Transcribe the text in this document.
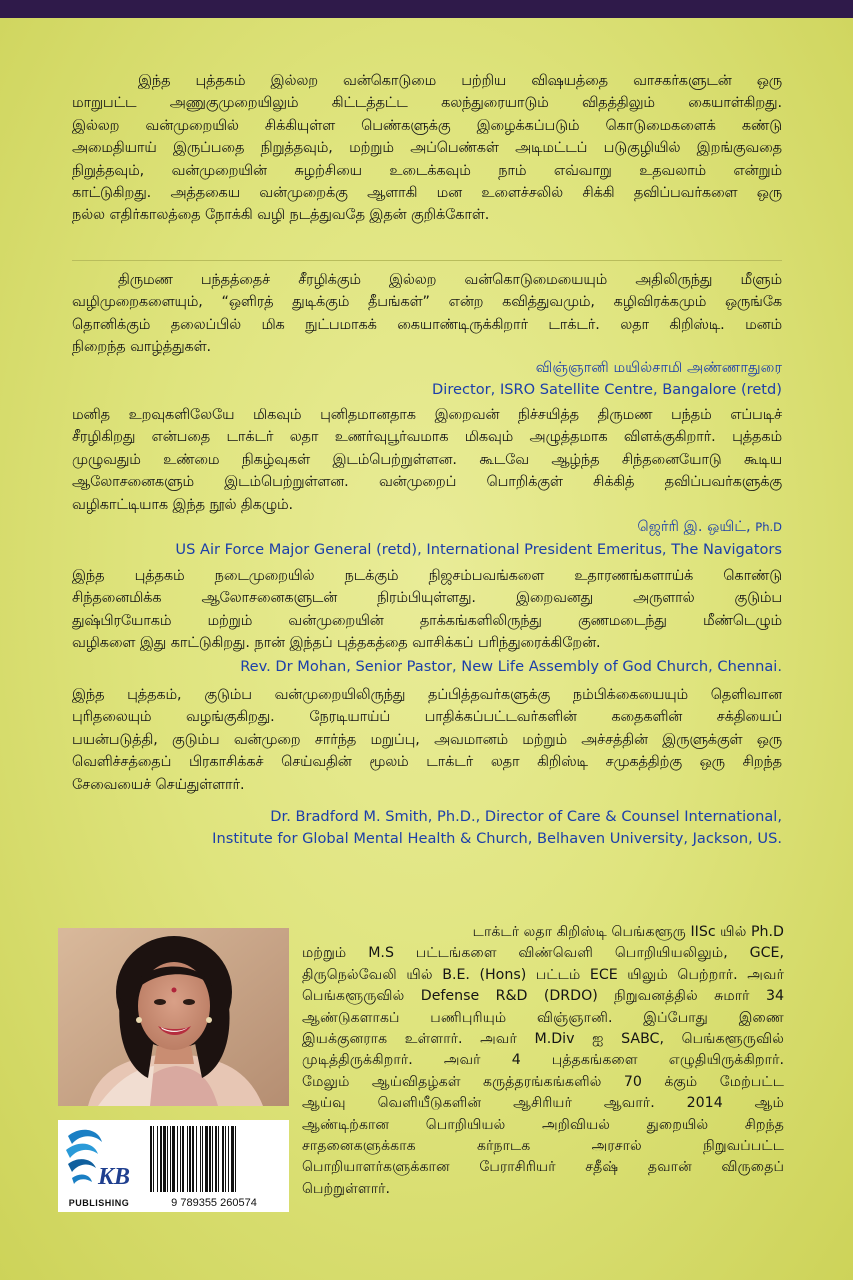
இந்த புத்தகம் இல்லற வன்கொடுமை பற்றிய விஷயத்தை வாசகர்களுடன் ஒரு
மாறுபட்ட அணுகுமுறையிலும் கிட்டத்தட்ட கலந்துரையாடும் விதத்திலும் கையாள்கிறது.
இல்லற வன்முறையில் சிக்கியுள்ள பெண்களுக்கு இழைக்கப்படும் கொடுமைகளைக் கண்டு
அமைதியாய் இருப்பதை நிறுத்தவும், மற்றும் அப்பெண்கள் அடிமட்டப் படுகுழியில் இறங்குவதை
நிறுத்தவும், வன்முறையின் சுழற்சியை உடைக்கவும் நாம் எவ்வாறு உதவலாம் என்றும்
காட்டுகிறது. அத்தகைய வன்முறைக்கு ஆளாகி மன உளைச்சலில் சிக்கி தவிப்பவர்களை ஒரு
நல்ல எதிர்காலத்தை நோக்கி வழி நடத்துவதே இதன் குறிக்கோள்.
திருமண பந்தத்தைச் சீரழிக்கும் இல்லற வன்கொடுமையையும் அதிலிருந்து மீளும்
வழிமுறைகளையும், “ஒளிரத் துடிக்கும் தீபங்கள்” என்ற கவித்துவமும், கழிவிரக்கமும் ஒருங்கே
தொனிக்கும் தலைப்பில் மிக நுட்பமாகக் கையாண்டிருக்கிறார் டாக்டர். லதா கிறிஸ்டி. மனம்
நிறைந்த வாழ்த்துகள்.
விஞ்ஞானி மயில்சாமி அண்ணாதுரை
Director, ISRO Satellite Centre, Bangalore (retd)
மனித உறவுகளிலேயே மிகவும் புனிதமானதாக இறைவன் நிச்சயித்த திருமண பந்தம் எப்படிச்
சீரழிகிறது என்பதை டாக்டர் லதா உணர்வுபூர்வமாக மிகவும் அழுத்தமாக விளக்குகிறார். புத்தகம்
முழுவதும் உண்மை நிகழ்வுகள் இடம்பெற்றுள்ளன. கூடவே ஆழ்ந்த சிந்தனையோடு கூடிய
ஆலோசனைகளும் இடம்பெற்றுள்ளன. வன்முறைப் பொறிக்குள் சிக்கித் தவிப்பவர்களுக்கு
வழிகாட்டியாக இந்த நூல் திகழும்.
ஜெர்ரி இ. ஒயிட், Ph.D
US Air Force Major General (retd), International President Emeritus, The Navigators
இந்த புத்தகம் நடைமுறையில் நடக்கும் நிஜசம்பவங்களை உதாரணங்களாய்க் கொண்டு
சிந்தனைமிக்க ஆலோசனைகளுடன் நிரம்பியுள்ளது. இறைவனது அருளால் குடும்ப
துஷ்பிரயோகம் மற்றும் வன்முறையின் தாக்கங்களிலிருந்து குணமடைந்து மீண்டெழும்
வழிகளை இது காட்டுகிறது. நான் இந்தப் புத்தகத்தை வாசிக்கப் பரிந்துரைக்கிறேன்.
Rev. Dr Mohan, Senior Pastor, New Life Assembly of God Church, Chennai.
இந்த புத்தகம், குடும்ப வன்முறையிலிருந்து தப்பித்தவர்களுக்கு நம்பிக்கையையும் தெளிவான
புரிதலையும் வழங்குகிறது. நேரடியாய்ப் பாதிக்கப்பட்டவர்களின் கதைகளின் சக்தியைப்
பயன்படுத்தி, குடும்ப வன்முறை சார்ந்த மறுப்பு, அவமானம் மற்றும் அச்சத்தின் இருளுக்குள் ஒரு
வெளிச்சத்தைப் பிரகாசிக்கச் செய்வதின் மூலம் டாக்டர் லதா கிறிஸ்டி சமுகத்திற்கு ஒரு சிறந்த
சேவையைச் செய்துள்ளார்.
Dr. Bradford M. Smith, Ph.D., Director of Care & Counsel International,
Institute for Global Mental Health & Church, Belhaven University, Jackson, US.
டாக்டர் லதா கிறிஸ்டி பெங்களூரு IISc யில் Ph.D
மற்றும் M.S பட்டங்களை விண்வெளி பொறியியலிலும், GCE,
திருநெல்வேலி யில் B.E. (Hons) பட்டம் ECE யிலும் பெற்றார். அவர்
பெங்களூருவில் Defense R&D (DRDO) நிறுவனத்தில் சுமார் 34
ஆண்டுகளாகப் பணிபுரியும் விஞ்ஞானி. இப்போது இணை
இயக்குனராக உள்ளார். அவர் M.Div ஐ SABC, பெங்களூருவில்
முடித்திருக்கிறார். அவர் 4 புத்தகங்களை எழுதியிருக்கிறார்.
மேலும் ஆய்விதழ்கள் கருத்தரங்கங்களில் 70 க்கும் மேற்பட்ட
ஆய்வு வெளியீடுகளின் ஆசிரியர் ஆவார். 2014 ஆம்
ஆண்டிற்கான பொறியியல் அறிவியல் துறையில் சிறந்த
சாதனைகளுக்காக கர்நாடக அரசால் நிறுவப்பட்ட
பொறியாளர்களுக்கான பேராசிரியர் சதீஷ் தவான் விருதைப்
பெற்றுள்ளார்.
KB
PUBLISHING	9 789355 260574
